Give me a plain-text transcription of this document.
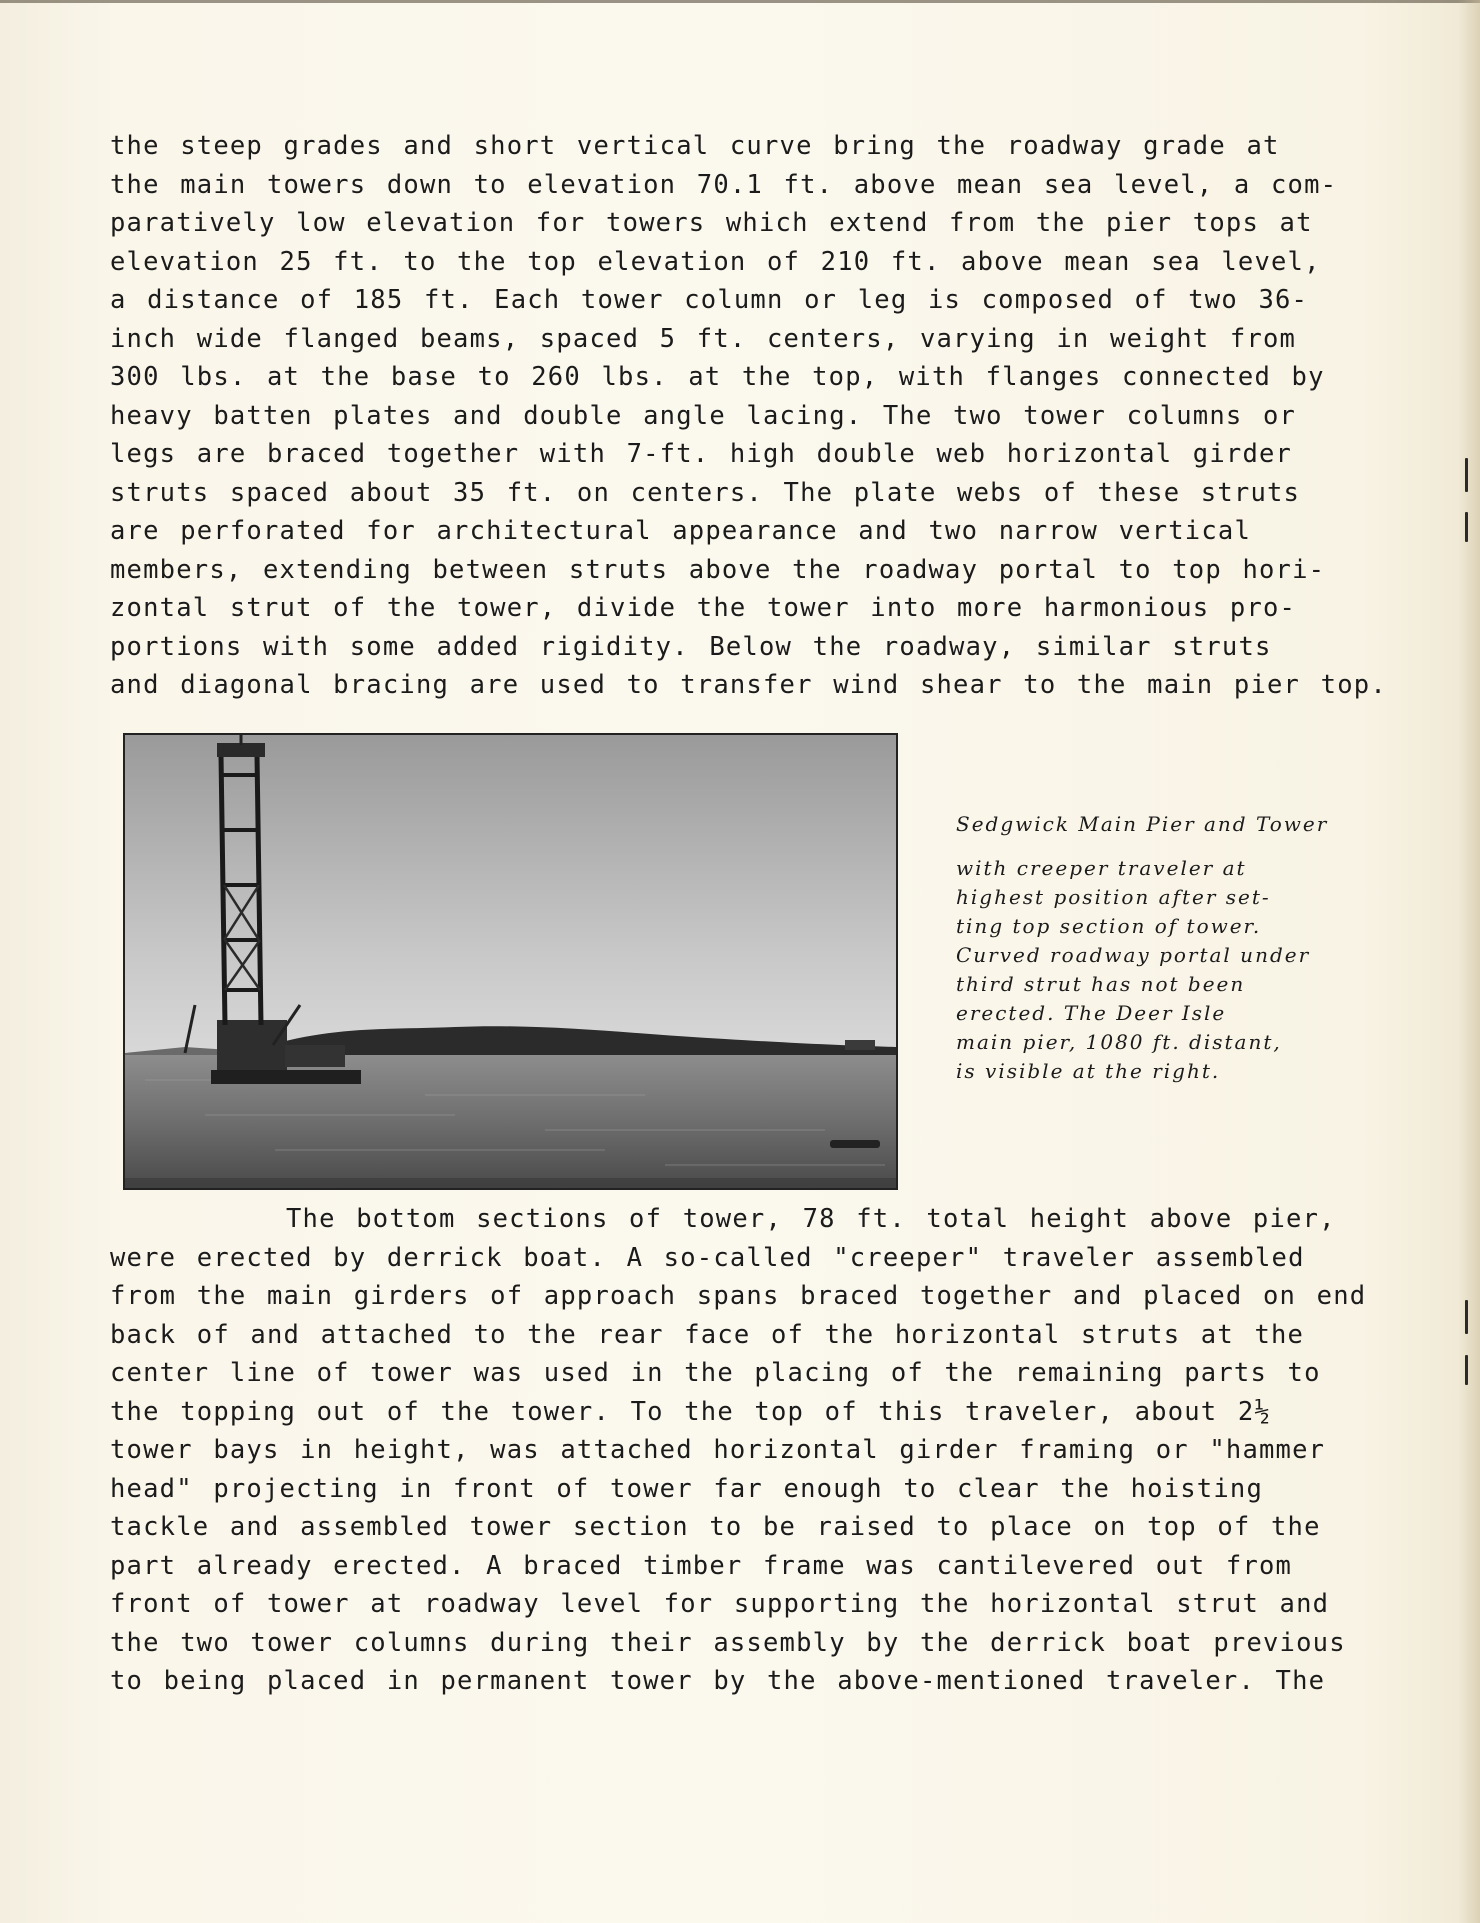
the steep grades and short vertical curve bring the roadway grade at
the main towers down to elevation 70.1 ft. above mean sea level, a com-
paratively low elevation for towers which extend from the pier tops at
elevation 25 ft. to the top elevation of 210 ft. above mean sea level,
a distance of 185 ft. Each tower column or leg is composed of two 36-
inch wide flanged beams, spaced 5 ft. centers, varying in weight from
300 lbs. at the base to 260 lbs. at the top, with flanges connected by
heavy batten plates and double angle lacing. The two tower columns or
legs are braced together with 7-ft. high double web horizontal girder
struts spaced about 35 ft. on centers. The plate webs of these struts
are perforated for architectural appearance and two narrow vertical
members, extending between struts above the roadway portal to top hori-
zontal strut of the tower, divide the tower into more harmonious pro-
portions with some added rigidity. Below the roadway, similar struts
and diagonal bracing are used to transfer wind shear to the main pier top.
Sedgwick Main Pier and Tower
with creeper traveler at
highest position after set-
ting top section of tower.
Curved roadway portal under
third strut has not been
erected. The Deer Isle
main pier, 1080 ft. distant,
is visible at the right.
The bottom sections of tower, 78 ft. total height above pier,
were erected by derrick boat. A so-called "creeper" traveler assembled
from the main girders of approach spans braced together and placed on end
back of and attached to the rear face of the horizontal struts at the
center line of tower was used in the placing of the remaining parts to
the topping out of the tower. To the top of this traveler, about 2½
tower bays in height, was attached horizontal girder framing or "hammer
head" projecting in front of tower far enough to clear the hoisting
tackle and assembled tower section to be raised to place on top of the
part already erected. A braced timber frame was cantilevered out from
front of tower at roadway level for supporting the horizontal strut and
the two tower columns during their assembly by the derrick boat previous
to being placed in permanent tower by the above-mentioned traveler. The
